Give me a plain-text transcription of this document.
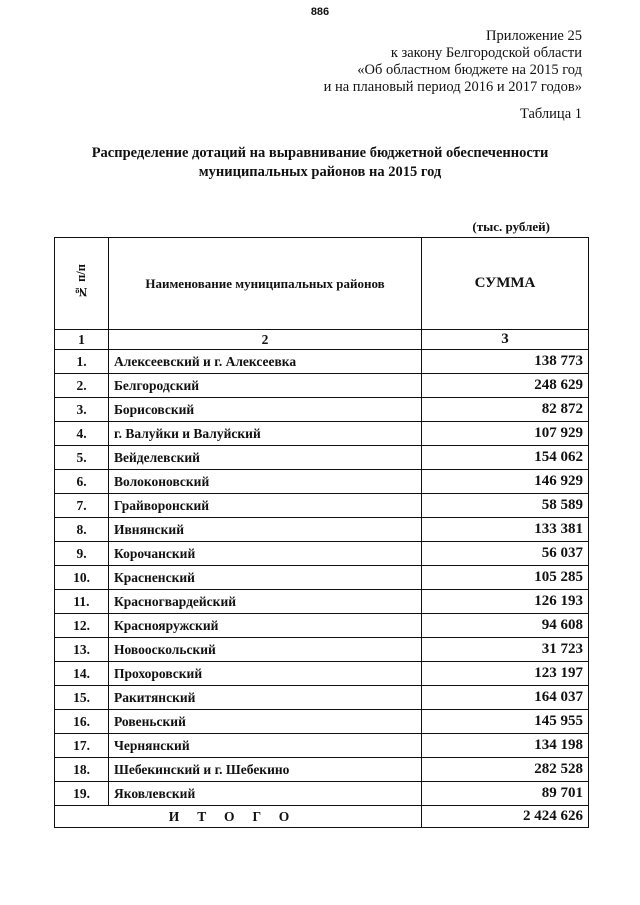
886
Приложение 25
к закону Белгородской области
«Об областном бюджете на 2015 год
и на плановый период 2016 и 2017 годов»
Таблица 1
Распределение дотаций на выравнивание бюджетной обеспеченности
муниципальных районов на 2015 год
(тыс. рублей)
№ п/п	Наименование муниципальных районов	СУММА
1	2	3
1.	Алексеевский и г. Алексеевка	138 773
2.	Белгородский	248 629
3.	Борисовский	82 872
4.	г. Валуйки и Валуйский	107 929
5.	Вейделевский	154 062
6.	Волоконовский	146 929
7.	Грайворонский	58 589
8.	Ивнянский	133 381
9.	Корочанский	56 037
10.	Красненский	105 285
11.	Красногвардейский	126 193
12.	Краснояружский	94 608
13.	Новооскольский	31 723
14.	Прохоровский	123 197
15.	Ракитянский	164 037
16.	Ровеньский	145 955
17.	Чернянский	134 198
18.	Шебекинский и г. Шебекино	282 528
19.	Яковлевский	89 701
ИТОГО		2 424 626
